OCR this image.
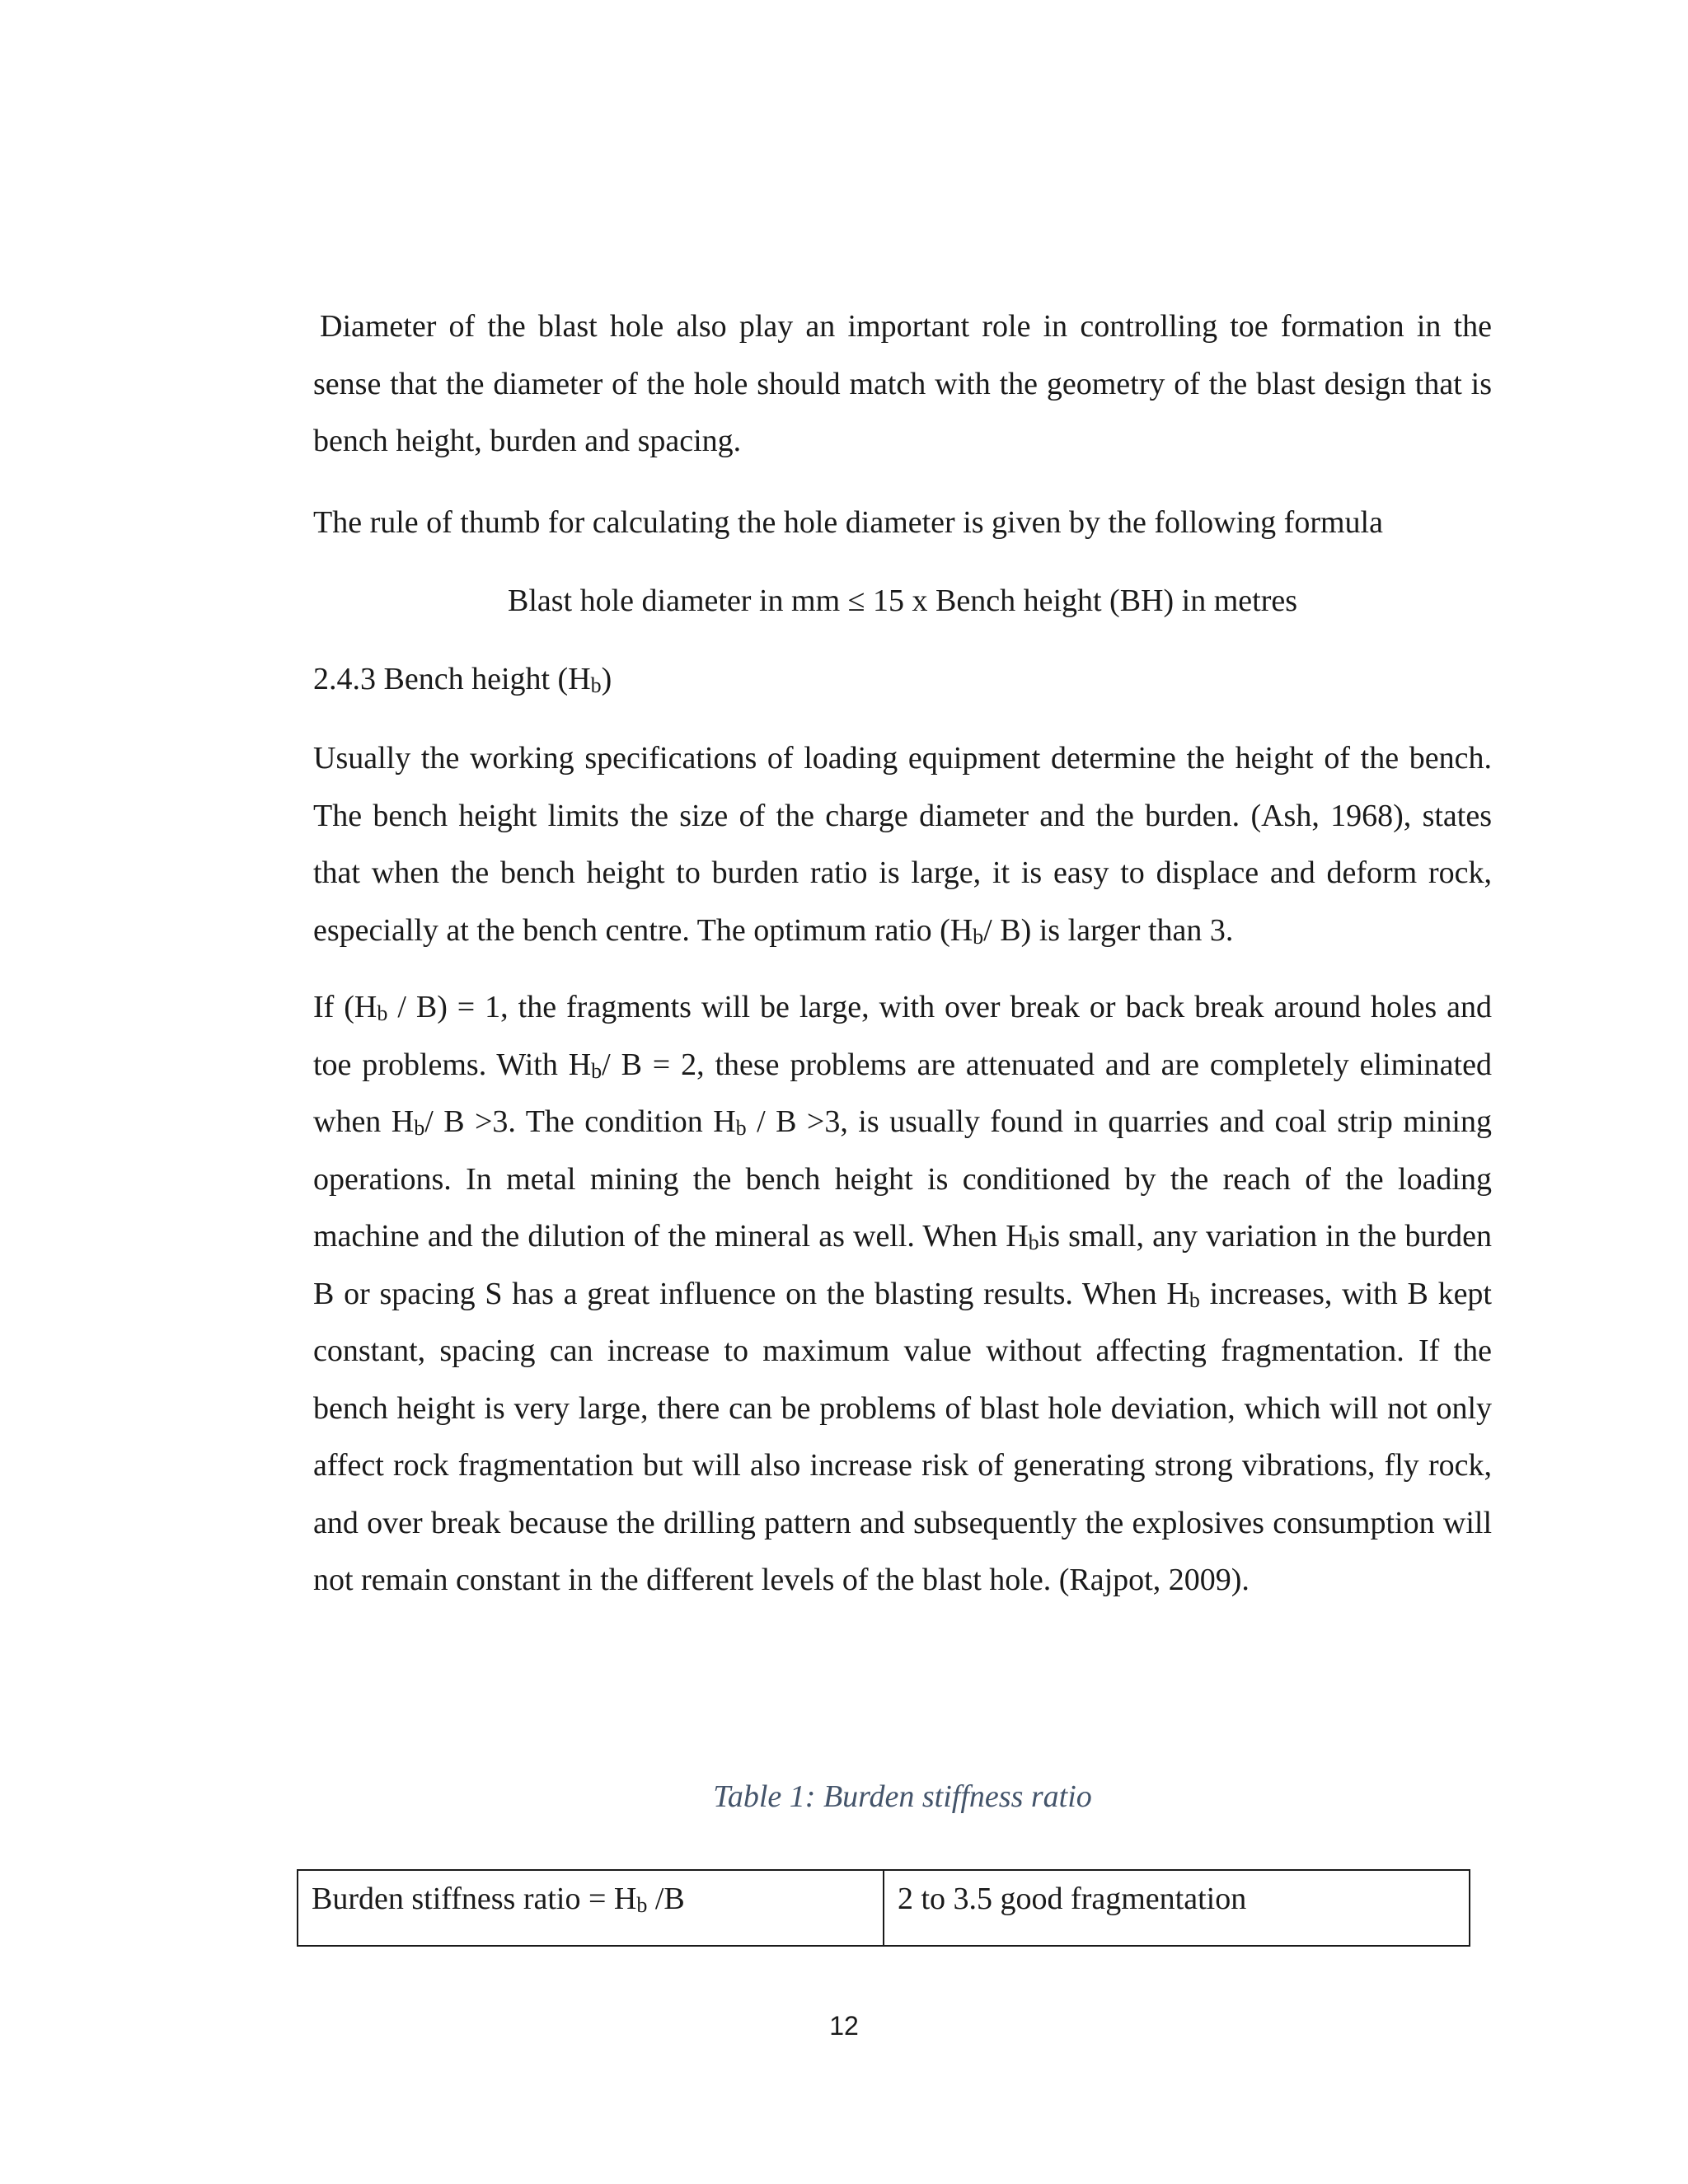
Diameter of the blast hole also play an important role in controlling toe formation in the sense that the diameter of the hole should match with the geometry of the blast design that is bench height, burden and spacing.

The rule of thumb for calculating the hole diameter is given by the following formula

Blast hole diameter in mm ≤ 15 x Bench height (BH) in metres

2.4.3 Bench height $(H_b)$

Usually the working specifications of loading equipment determine the height of the bench. The bench height limits the size of the charge diameter and the burden. (Ash, 1968), states that when the bench height to burden ratio is large, it is easy to displace and deform rock, especially at the bench centre. The optimum ratio ($H_b/$ B) is larger than 3.

If $(H_b / B) = 1$, the fragments will be large, with over break or back break around holes and toe problems. With $H_b/$ B = 2, these problems are attenuated and are completely eliminated when $H_b/$ B >3. The condition $H_b / B >3$, is usually found in quarries and coal strip mining operations. In metal mining the bench height is conditioned by the reach of the loading machine and the dilution of the mineral as well. When $H_bis$ small, any variation in the burden B or spacing S has a great influence on the blasting results. When $H_b$ increases, with B kept constant, spacing can increase to maximum value without affecting fragmentation. If the bench height is very large, there can be problems of blast hole deviation, which will not only affect rock fragmentation but will also increase risk of generating strong vibrations, fly rock, and over break because the drilling pattern and subsequently the explosives consumption will not remain constant in the different levels of the blast hole. (Rajpot, 2009).

Table 1: Burden stiffness ratio

Burden stiffness ratio = $H_b$ /B	2 to 3.5 good fragmentation
12
